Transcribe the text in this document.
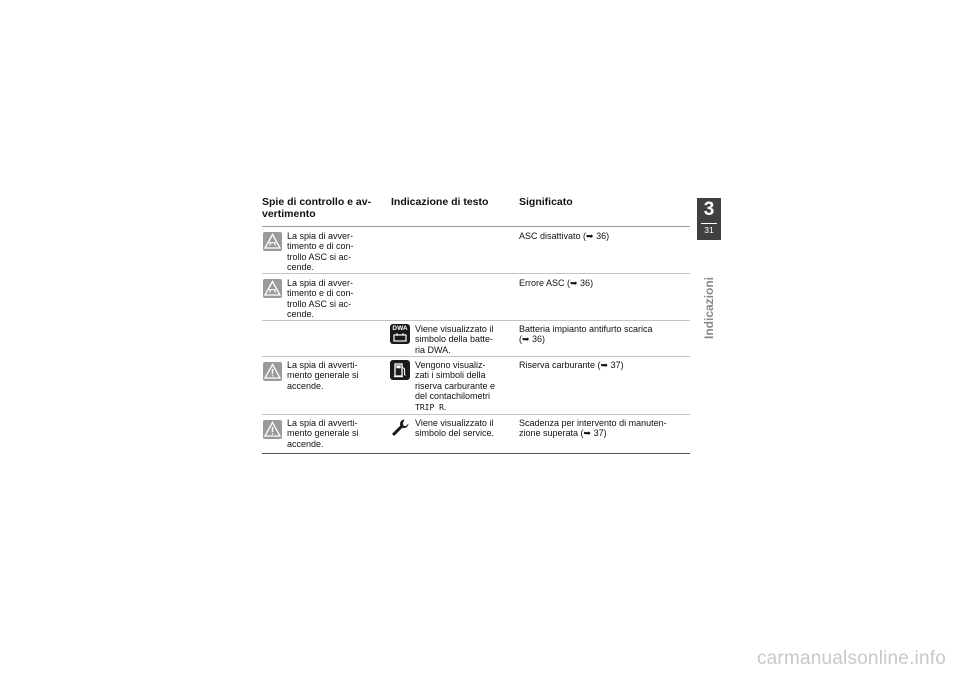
Spie di controllo e av-
vertimento
Indicazione di testo	Significato
La spia di avver-
timento e di con-
trollo ASC si ac-
cende.
ASC disattivato (➥ 36)
La spia di avver-
timento e di con-
trollo ASC si ac-
cende.
Errore ASC (➥ 36)
DWA Viene visualizzato il
simbolo della batte-
ria DWA.
Batteria impianto antifurto scarica
(➥ 36)
La spia di avverti-
mento generale si
accende.
Vengono visualiz-
zati i simboli della
riserva carburante e
del contachilometri
TRIP R.
Riserva carburante (➥ 37)
La spia di avverti-
mento generale si
accende.
Viene visualizzato il
simbolo del service.
Scadenza per intervento di manuten-
zione superata (➥ 37)
3
31
Indicazioni
carmanualsonline.info
